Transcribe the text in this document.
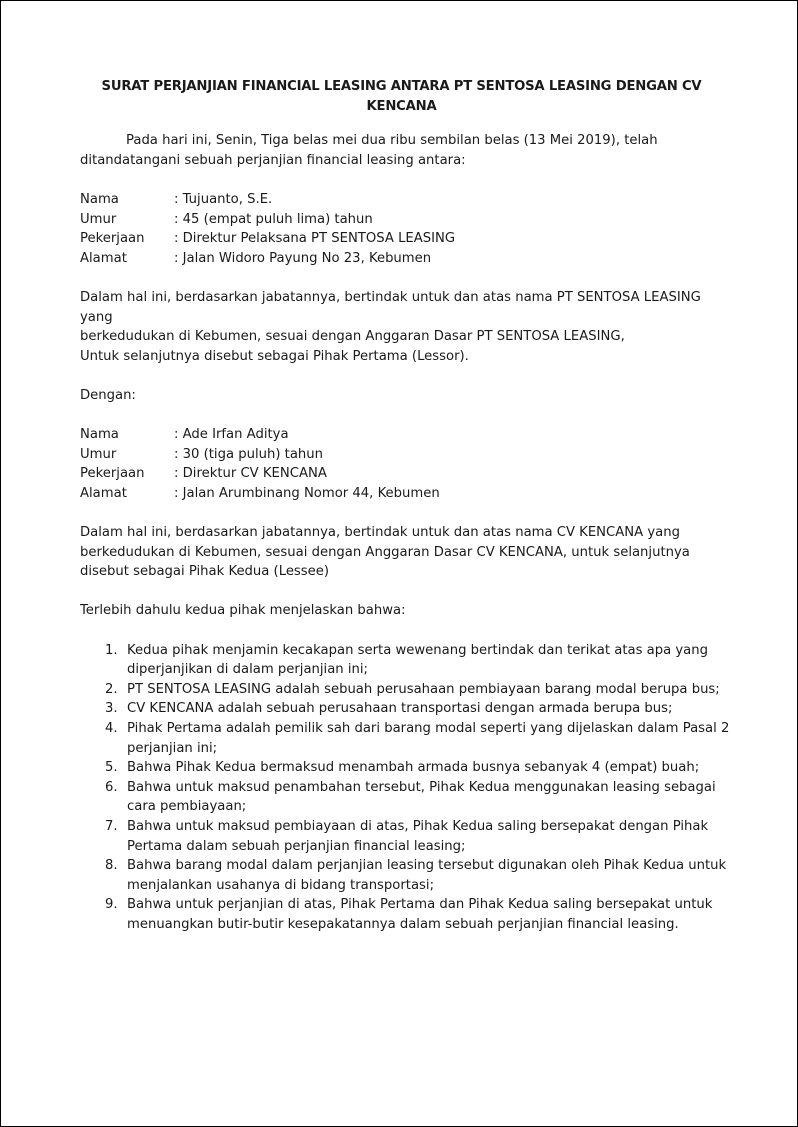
SURAT PERJANJIAN FINANCIAL LEASING ANTARA PT SENTOSA LEASING DENGAN CV KENCANA

Pada hari ini, Senin, Tiga belas mei dua ribu sembilan belas (13 Mei 2019), telah ditandatangani sebuah perjanjian financial leasing antara:

Nama	: Tujuanto, S.E.
Umur	: 45 (empat puluh lima) tahun
Pekerjaan	: Direktur Pelaksana PT SENTOSA LEASING
Alamat	: Jalan Widoro Payung No 23, Kebumen

Dalam hal ini, berdasarkan jabatannya, bertindak untuk dan atas nama PT SENTOSA LEASING yang

berkedudukan di Kebumen, sesuai dengan Anggaran Dasar PT SENTOSA LEASING,

Untuk selanjutnya disebut sebagai Pihak Pertama (Lessor).

Dengan:

Nama	: Ade Irfan Aditya
Umur	: 30 (tiga puluh) tahun
Pekerjaan	: Direktur CV KENCANA
Alamat	: Jalan Arumbinang Nomor 44, Kebumen

Dalam hal ini, berdasarkan jabatannya, bertindak untuk dan atas nama CV KENCANA yang

berkedudukan di Kebumen, sesuai dengan Anggaran Dasar CV KENCANA, untuk selanjutnya

disebut sebagai Pihak Kedua (Lessee)

Terlebih dahulu kedua pihak menjelaskan bahwa:

1. Kedua pihak menjamin kecakapan serta wewenang bertindak dan terikat atas apa yang diperjanjikan di dalam perjanjian ini;
2. PT SENTOSA LEASING adalah sebuah perusahaan pembiayaan barang modal berupa bus;
3. CV KENCANA adalah sebuah perusahaan transportasi dengan armada berupa bus;
4. Pihak Pertama adalah pemilik sah dari barang modal seperti yang dijelaskan dalam Pasal 2 perjanjian ini;
5. Bahwa Pihak Kedua bermaksud menambah armada busnya sebanyak 4 (empat) buah;
6. Bahwa untuk maksud penambahan tersebut, Pihak Kedua menggunakan leasing sebagai cara pembiayaan;
7. Bahwa untuk maksud pembiayaan di atas, Pihak Kedua saling bersepakat dengan Pihak Pertama dalam sebuah perjanjian financial leasing;
8. Bahwa barang modal dalam perjanjian leasing tersebut digunakan oleh Pihak Kedua untuk menjalankan usahanya di bidang transportasi;
9. Bahwa untuk perjanjian di atas, Pihak Pertama dan Pihak Kedua saling bersepakat untuk menuangkan butir-butir kesepakatannya dalam sebuah perjanjian financial leasing.
